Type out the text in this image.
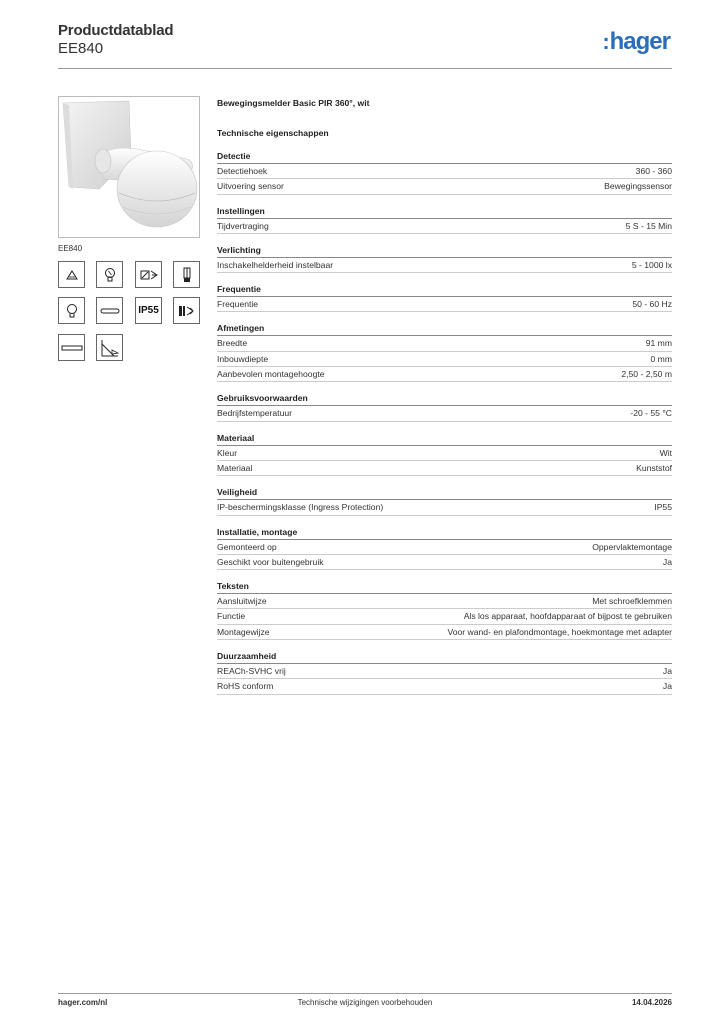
Productdatablad
EE840	:hager
EE840
IP55
Bewegingsmelder Basic PIR 360°, wit
Technische eigenschappen
Detectie
Detectiehoek	360 - 360
Uitvoering sensor	Bewegingssensor
Instellingen
Tijdvertraging	5 S - 15 Min
Verlichting
Inschakelhelderheid instelbaar	5 - 1000 lx
Frequentie
Frequentie	50 - 60 Hz
Afmetingen
Breedte	91 mm
Inbouwdiepte	0 mm
Aanbevolen montagehoogte	2,50 - 2,50 m
Gebruiksvoorwaarden
Bedrijfstemperatuur	-20 - 55 °C
Materiaal
Kleur	Wit
Materiaal	Kunststof
Veiligheid
IP-beschermingsklasse (Ingress Protection)	IP55
Installatie, montage
Gemonteerd op	Oppervlaktemontage
Geschikt voor buitengebruik	Ja
Teksten
Aansluitwijze	Met schroefklemmen
Functie	Als los apparaat, hoofdapparaat of bijpost te gebruiken
Montagewijze	Voor wand- en plafondmontage, hoekmontage met adapter
Duurzaamheid
REACh-SVHC vrij	Ja
RoHS conform	Ja
hager.com/nl	Technische wijzigingen voorbehouden	14.04.2026
